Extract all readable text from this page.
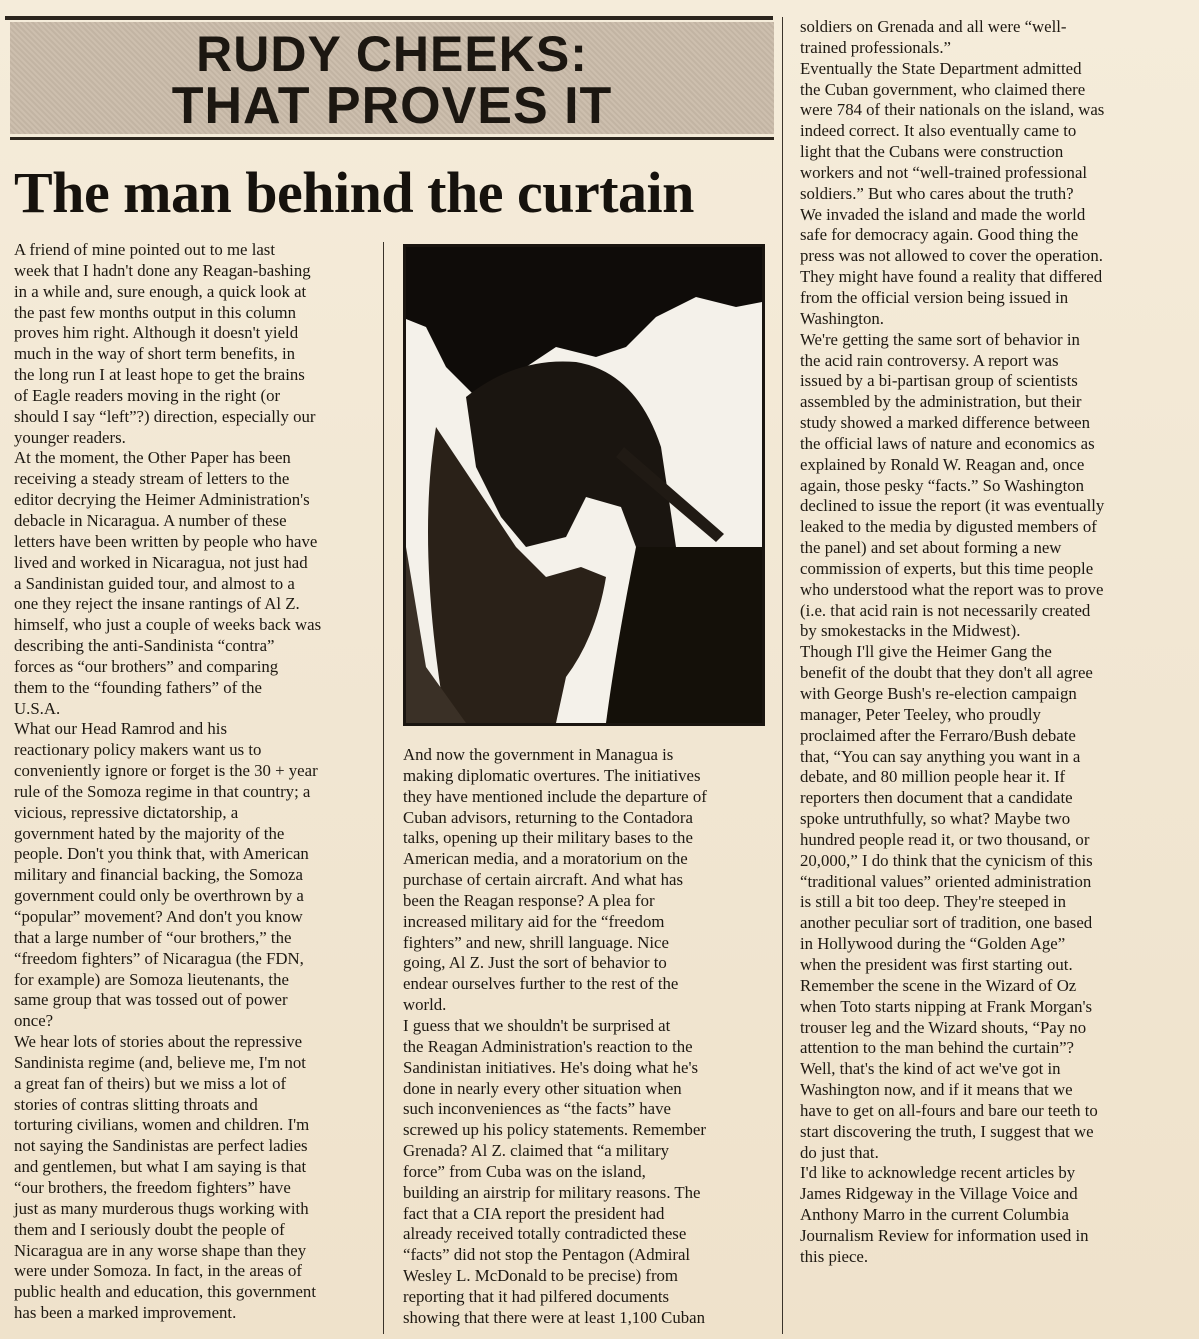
RUDY CHEEKS:
THAT PROVES IT
The man behind the curtain
A friend of mine pointed out to me last
week that I hadn't done any Reagan-bashing
in a while and, sure enough, a quick look at
the past few months output in this column
proves him right. Although it doesn't yield
much in the way of short term benefits, in
the long run I at least hope to get the brains
of Eagle readers moving in the right (or
should I say “left”?) direction, especially our
younger readers.
At the moment, the Other Paper has been
receiving a steady stream of letters to the
editor decrying the Heimer Administration's
debacle in Nicaragua. A number of these
letters have been written by people who have
lived and worked in Nicaragua, not just had
a Sandinistan guided tour, and almost to a
one they reject the insane rantings of Al Z.
himself, who just a couple of weeks back was
describing the anti-Sandinista “contra”
forces as “our brothers” and comparing
them to the “founding fathers” of the
U.S.A.
What our Head Ramrod and his
reactionary policy makers want us to
conveniently ignore or forget is the 30 + year
rule of the Somoza regime in that country; a
vicious, repressive dictatorship, a
government hated by the majority of the
people. Don't you think that, with American
military and financial backing, the Somoza
government could only be overthrown by a
“popular” movement? And don't you know
that a large number of “our brothers,” the
“freedom fighters” of Nicaragua (the FDN,
for example) are Somoza lieutenants, the
same group that was tossed out of power
once?
We hear lots of stories about the repressive
Sandinista regime (and, believe me, I'm not
a great fan of theirs) but we miss a lot of
stories of contras slitting throats and
torturing civilians, women and children. I'm
not saying the Sandinistas are perfect ladies
and gentlemen, but what I am saying is that
“our brothers, the freedom fighters” have
just as many murderous thugs working with
them and I seriously doubt the people of
Nicaragua are in any worse shape than they
were under Somoza. In fact, in the areas of
public health and education, this government
has been a marked improvement.
And now the government in Managua is
making diplomatic overtures. The initiatives
they have mentioned include the departure of
Cuban advisors, returning to the Contadora
talks, opening up their military bases to the
American media, and a moratorium on the
purchase of certain aircraft. And what has
been the Reagan response? A plea for
increased military aid for the “freedom
fighters” and new, shrill language. Nice
going, Al Z. Just the sort of behavior to
endear ourselves further to the rest of the
world.
I guess that we shouldn't be surprised at
the Reagan Administration's reaction to the
Sandinistan initiatives. He's doing what he's
done in nearly every other situation when
such inconveniences as “the facts” have
screwed up his policy statements. Remember
Grenada? Al Z. claimed that “a military
force” from Cuba was on the island,
building an airstrip for military reasons. The
fact that a CIA report the president had
already received totally contradicted these
“facts” did not stop the Pentagon (Admiral
Wesley L. McDonald to be precise) from
reporting that it had pilfered documents
showing that there were at least 1,100 Cuban
soldiers on Grenada and all were “well-
trained professionals.”
Eventually the State Department admitted
the Cuban government, who claimed there
were 784 of their nationals on the island, was
indeed correct. It also eventually came to
light that the Cubans were construction
workers and not “well-trained professional
soldiers.” But who cares about the truth?
We invaded the island and made the world
safe for democracy again. Good thing the
press was not allowed to cover the operation.
They might have found a reality that differed
from the official version being issued in
Washington.
We're getting the same sort of behavior in
the acid rain controversy. A report was
issued by a bi-partisan group of scientists
assembled by the administration, but their
study showed a marked difference between
the official laws of nature and economics as
explained by Ronald W. Reagan and, once
again, those pesky “facts.” So Washington
declined to issue the report (it was eventually
leaked to the media by digusted members of
the panel) and set about forming a new
commission of experts, but this time people
who understood what the report was to prove
(i.e. that acid rain is not necessarily created
by smokestacks in the Midwest).
Though I'll give the Heimer Gang the
benefit of the doubt that they don't all agree
with George Bush's re-election campaign
manager, Peter Teeley, who proudly
proclaimed after the Ferraro/Bush debate
that, “You can say anything you want in a
debate, and 80 million people hear it. If
reporters then document that a candidate
spoke untruthfully, so what? Maybe two
hundred people read it, or two thousand, or
20,000,” I do think that the cynicism of this
“traditional values” oriented administration
is still a bit too deep. They're steeped in
another peculiar sort of tradition, one based
in Hollywood during the “Golden Age”
when the president was first starting out.
Remember the scene in the Wizard of Oz
when Toto starts nipping at Frank Morgan's
trouser leg and the Wizard shouts, “Pay no
attention to the man behind the curtain”?
Well, that's the kind of act we've got in
Washington now, and if it means that we
have to get on all-fours and bare our teeth to
start discovering the truth, I suggest that we
do just that.
I'd like to acknowledge recent articles by
James Ridgeway in the Village Voice and
Anthony Marro in the current Columbia
Journalism Review for information used in
this piece.
